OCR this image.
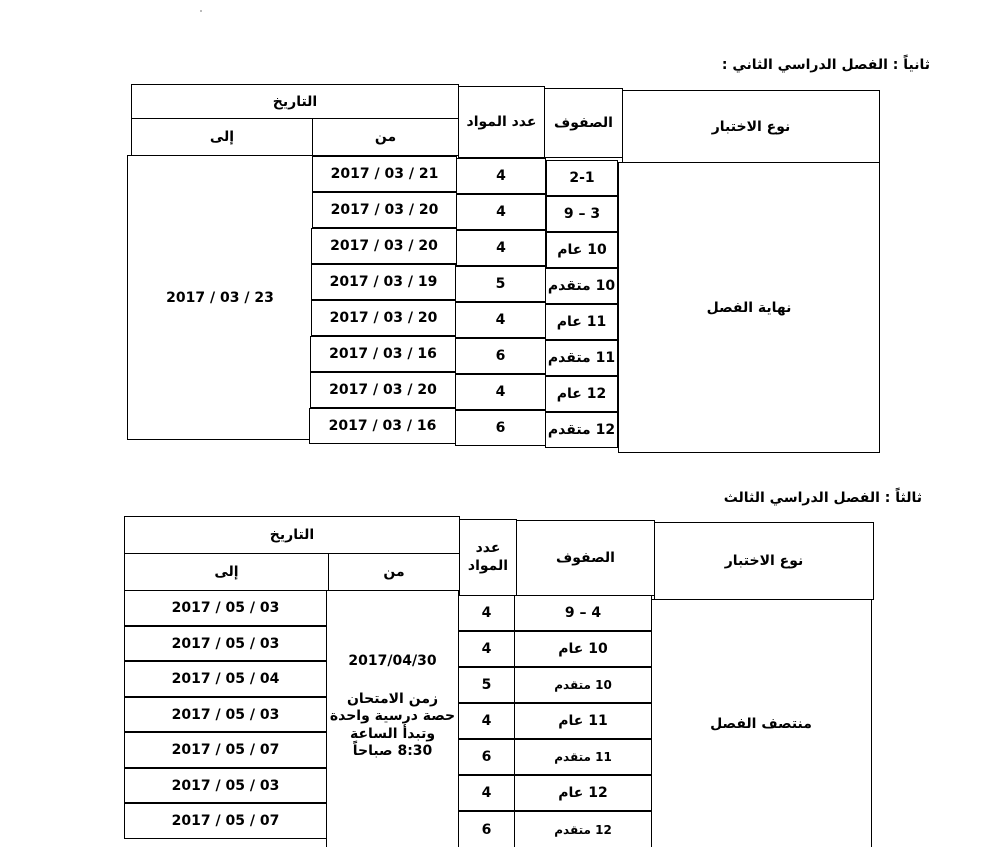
ثانياً : الفصل الدراسي الثاني :
نوع الاختبار
الصفوف
عدد المواد
التاريخ
من
إلى
نهاية الفصل
2017 / 03 / 23
2-1
4
2017 / 03 / 21
3 – 9
4
2017 / 03 / 20
10 عام
4
2017 / 03 / 20
10 متقدم
5
2017 / 03 / 19
11 عام
4
2017 / 03 / 20
11 متقدم
6
2017 / 03 / 16
12 عام
4
2017 / 03 / 20
12 متقدم
6
2017 / 03 / 16
ثالثاً : الفصل الدراسي الثالث
نوع الاختبار
الصفوف
عدد
المواد
التاريخ
من
إلى
منتصف الفصل
2017/04/30
زمن الامتحان
حصة درسية واحدة
وتبدأ الساعة
8:30 صباحاً
4 – 9
4
2017 / 05 / 03
10 عام
4
2017 / 05 / 03
10 متقدم
5
2017 / 05 / 04
11 عام
4
2017 / 05 / 03
11 متقدم
6
2017 / 05 / 07
12 عام
4
2017 / 05 / 03
12 متقدم
6
2017 / 05 / 07
